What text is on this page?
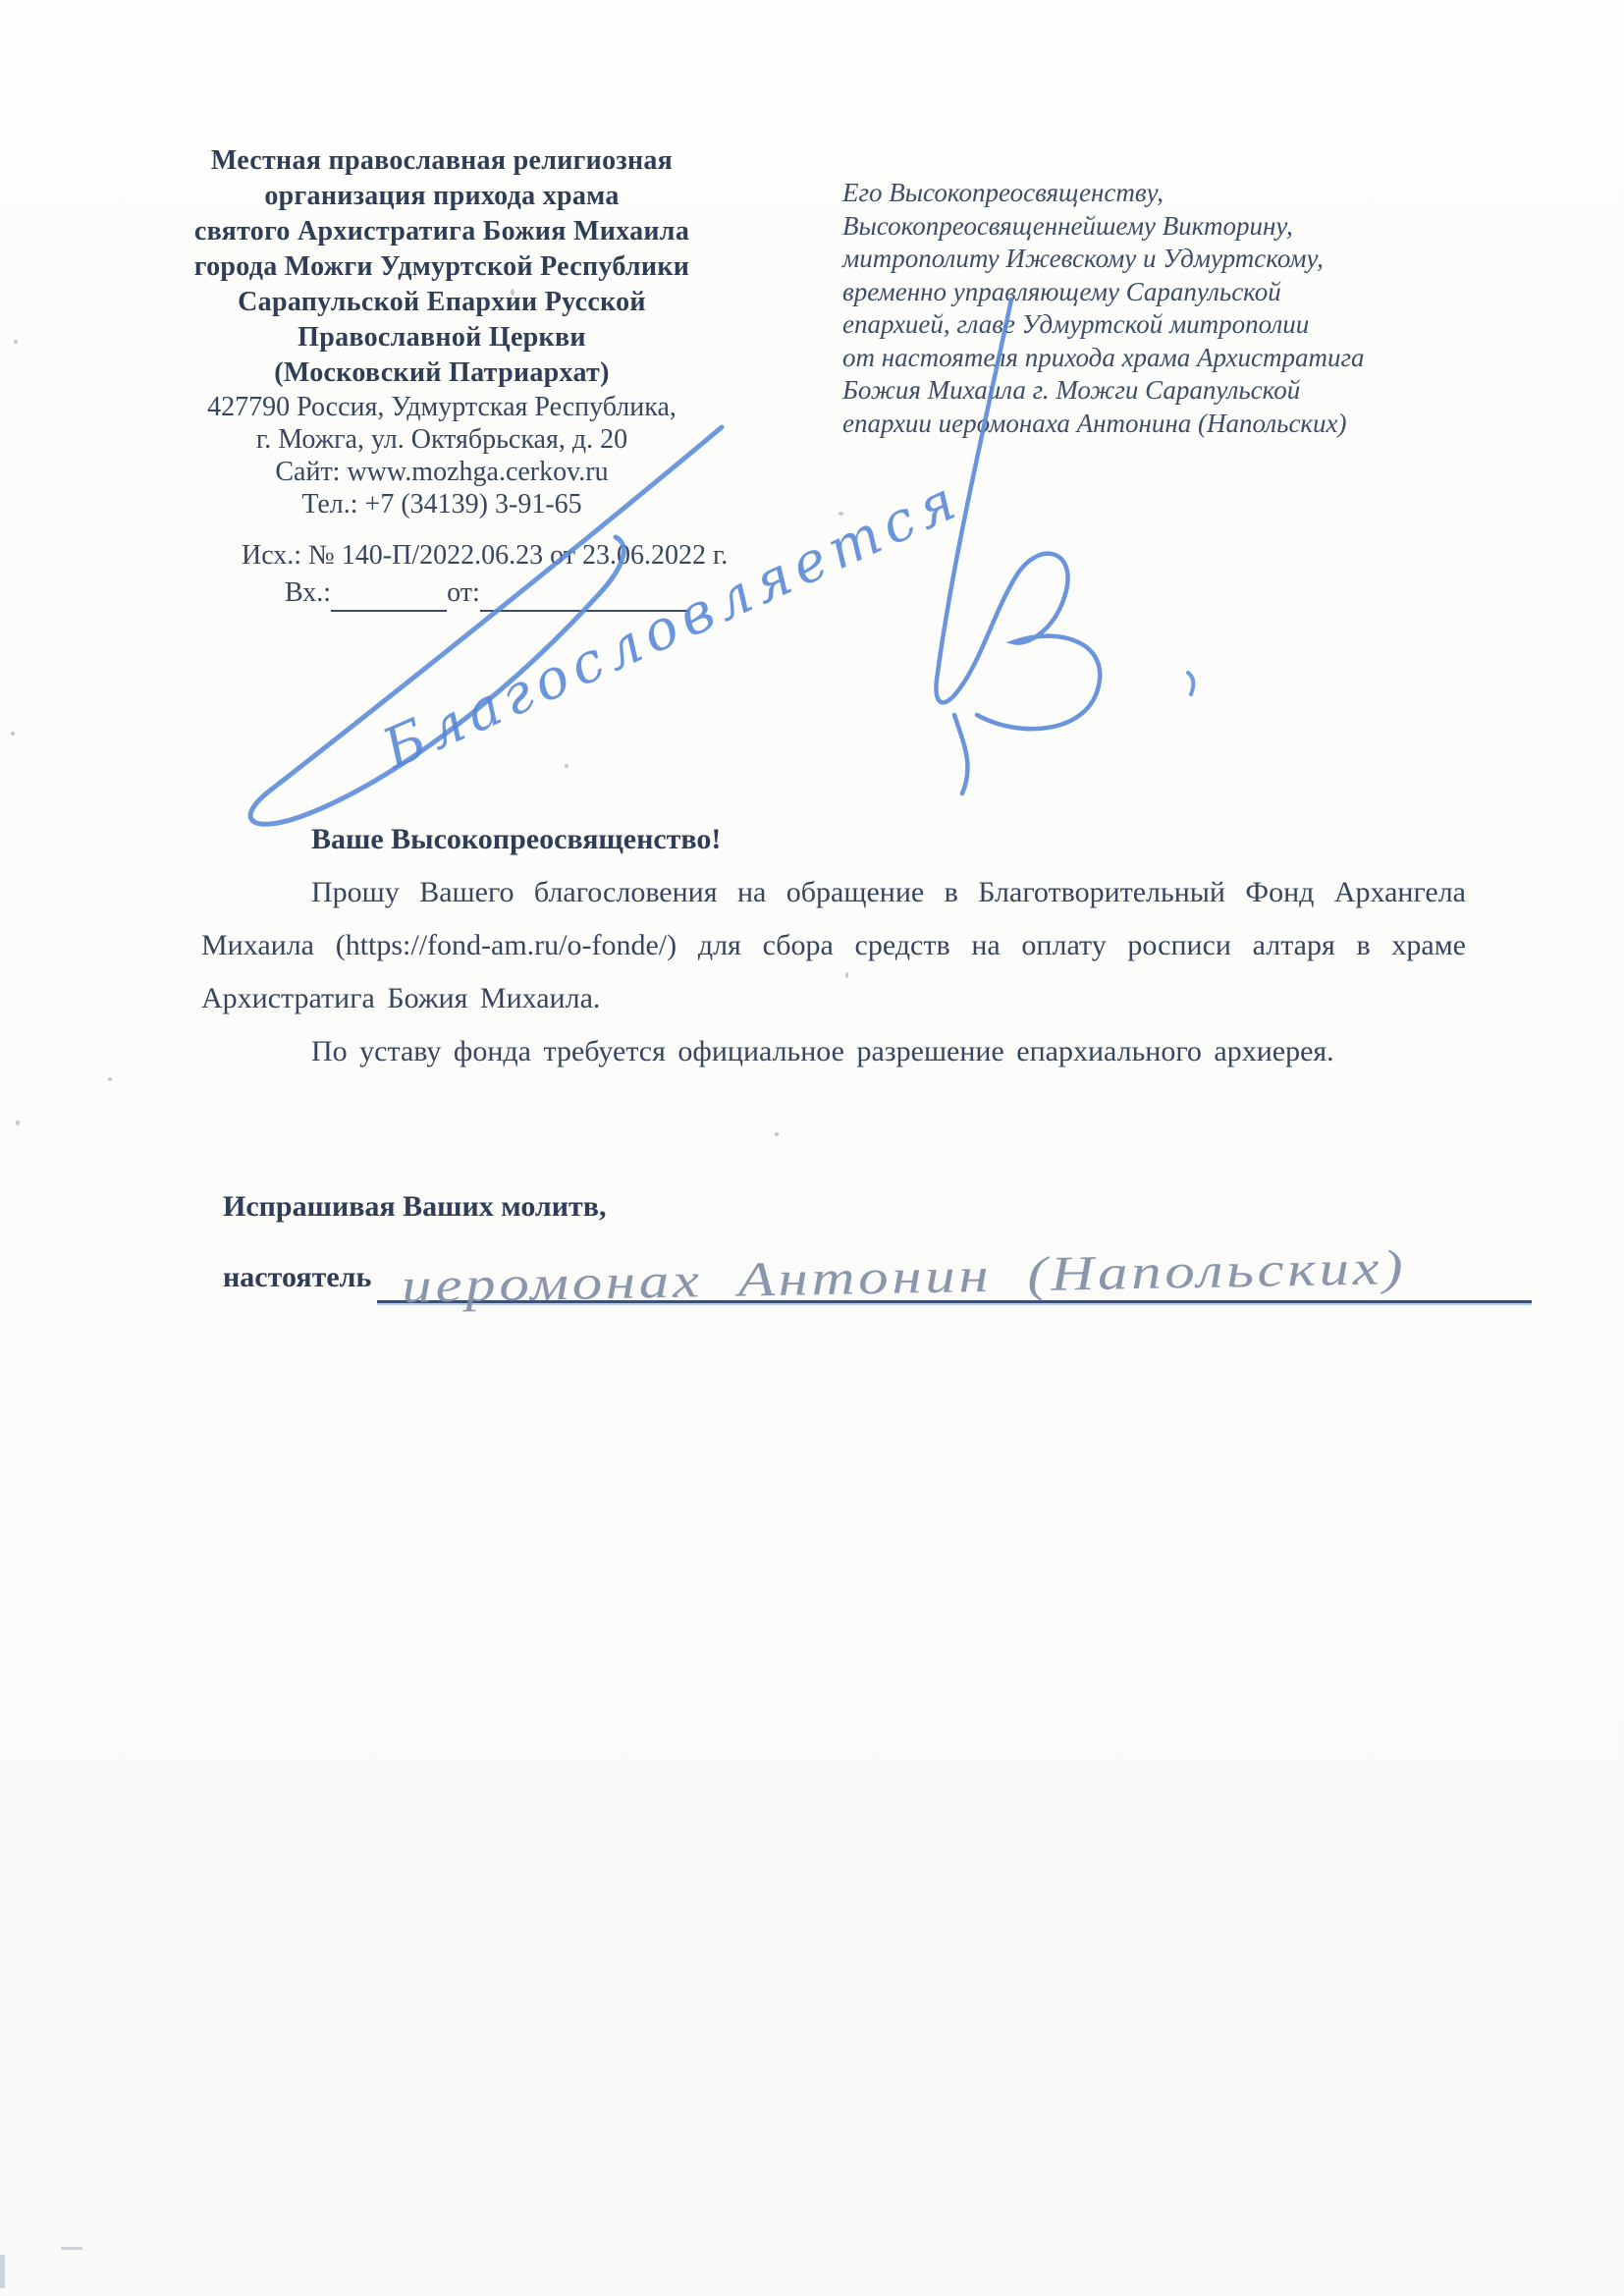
Местная православная религиозная
организация прихода храма
святого Архистратига Божия Михаила
города Можги Удмуртской Республики
Сарапульской Епархии Русской
Православной Церкви
(Московский Патриархат)
427790 Россия, Удмуртская Республика,
г. Можга, ул. Октябрьская, д. 20
Сайт: www.mozhga.cerkov.ru
Тел.: +7 (34139) 3-91-65
Исх.: № 140-П/2022.06.23 от 23.06.2022 г.
Вх.:	от:
Его Высокопреосвященству,
Высокопреосвященнейшему Викторину,
митрополиту Ижевскому и Удмуртскому,
временно управляющему Сарапульской
епархией, главе Удмуртской митрополии
от настоятеля прихода храма Архистратига
Божия Михаила г. Можги Сарапульской
епархии иеромонаха Антонина (Напольских)
Благословляется
Ваше Высокопреосвященство!

Прошу Вашего благословения на обращение в Благотворительный Фонд Архангела Михаила (https://fond-am.ru/o-fonde/) для сбора средств на оплату росписи алтаря в храме Архистратига Божия Михаила.

По уставу фонда требуется официальное разрешение епархиального архиерея.

Испрашивая Ваших молитв,
настоятель иеромонах Антонин (Напольских)
